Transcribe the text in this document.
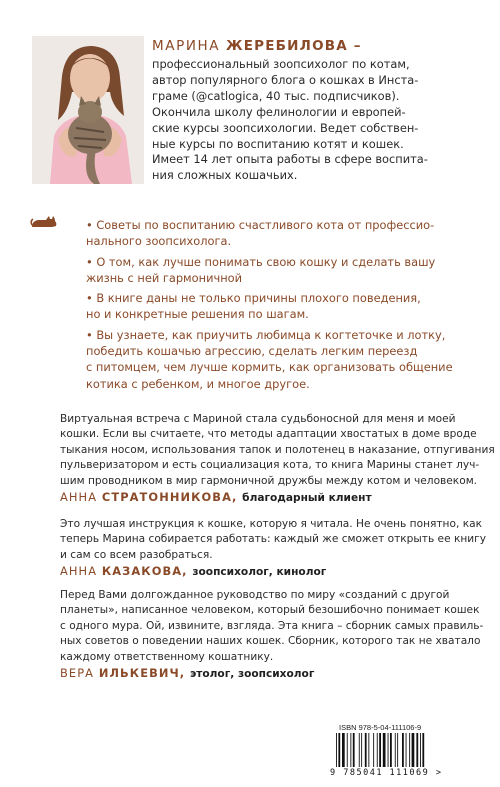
МАРИНА ЖЕРЕБИЛОВА –
профессиональный зоопсихолог по котам,
автор популярного блога о кошках в Инста-
граме (@catlogica, 40 тыс. подписчиков).
Окончила школу фелинологии и европей-
ские курсы зоопсихологии. Ведет собствен-
ные курсы по воспитанию котят и кошек.
Имеет 14 лет опыта работы в сфере воспита-
ния сложных кошачьих.
• Советы по воспитанию счастливого кота от профессио-
нального зоопсихолога.
• О том, как лучше понимать свою кошку и сделать вашу
жизнь с ней гармоничной
• В книге даны не только причины плохого поведения,
но и конкретные решения по шагам.
• Вы узнаете, как приучить любимца к когтеточке и лотку,
победить кошачью агрессию, сделать легким переезд
с питомцем, чем лучше кормить, как организовать общение
котика с ребенком, и многое другое.
Виртуальная встреча с Мариной стала судьбоносной для меня и моей
кошки. Если вы считаете, что методы адаптации хвостатых в доме вроде
тыкания носом, использования тапок и полотенец в наказание, отпугивания
пульверизатором и есть социализация кота, то книга Марины станет луч-
шим проводником в мир гармоничной дружбы между котом и человеком.
АННА СТРАТОННИКОВА, благодарный клиент
Это лучшая инструкция к кошке, которую я читала. Не очень понятно, как
теперь Марина собирается работать: каждый же сможет открыть ее книгу
и сам со всем разобраться.
АННА КАЗАКОВА, зоопсихолог, кинолог
Перед Вами долгожданное руководство по миру «созданий с другой
планеты», написанное человеком, который безошибочно понимает кошек
с одного мура. Ой, извините, взгляда. Эта книга – сборник самых правиль-
ных советов о поведении наших кошек. Сборник, которого так не хватало
каждому ответственному кошатнику.
ВЕРА ИЛЬКЕВИЧ, этолог, зоопсихолог
ISBN 978-5-04-111106-9
9 785041 111069 >
